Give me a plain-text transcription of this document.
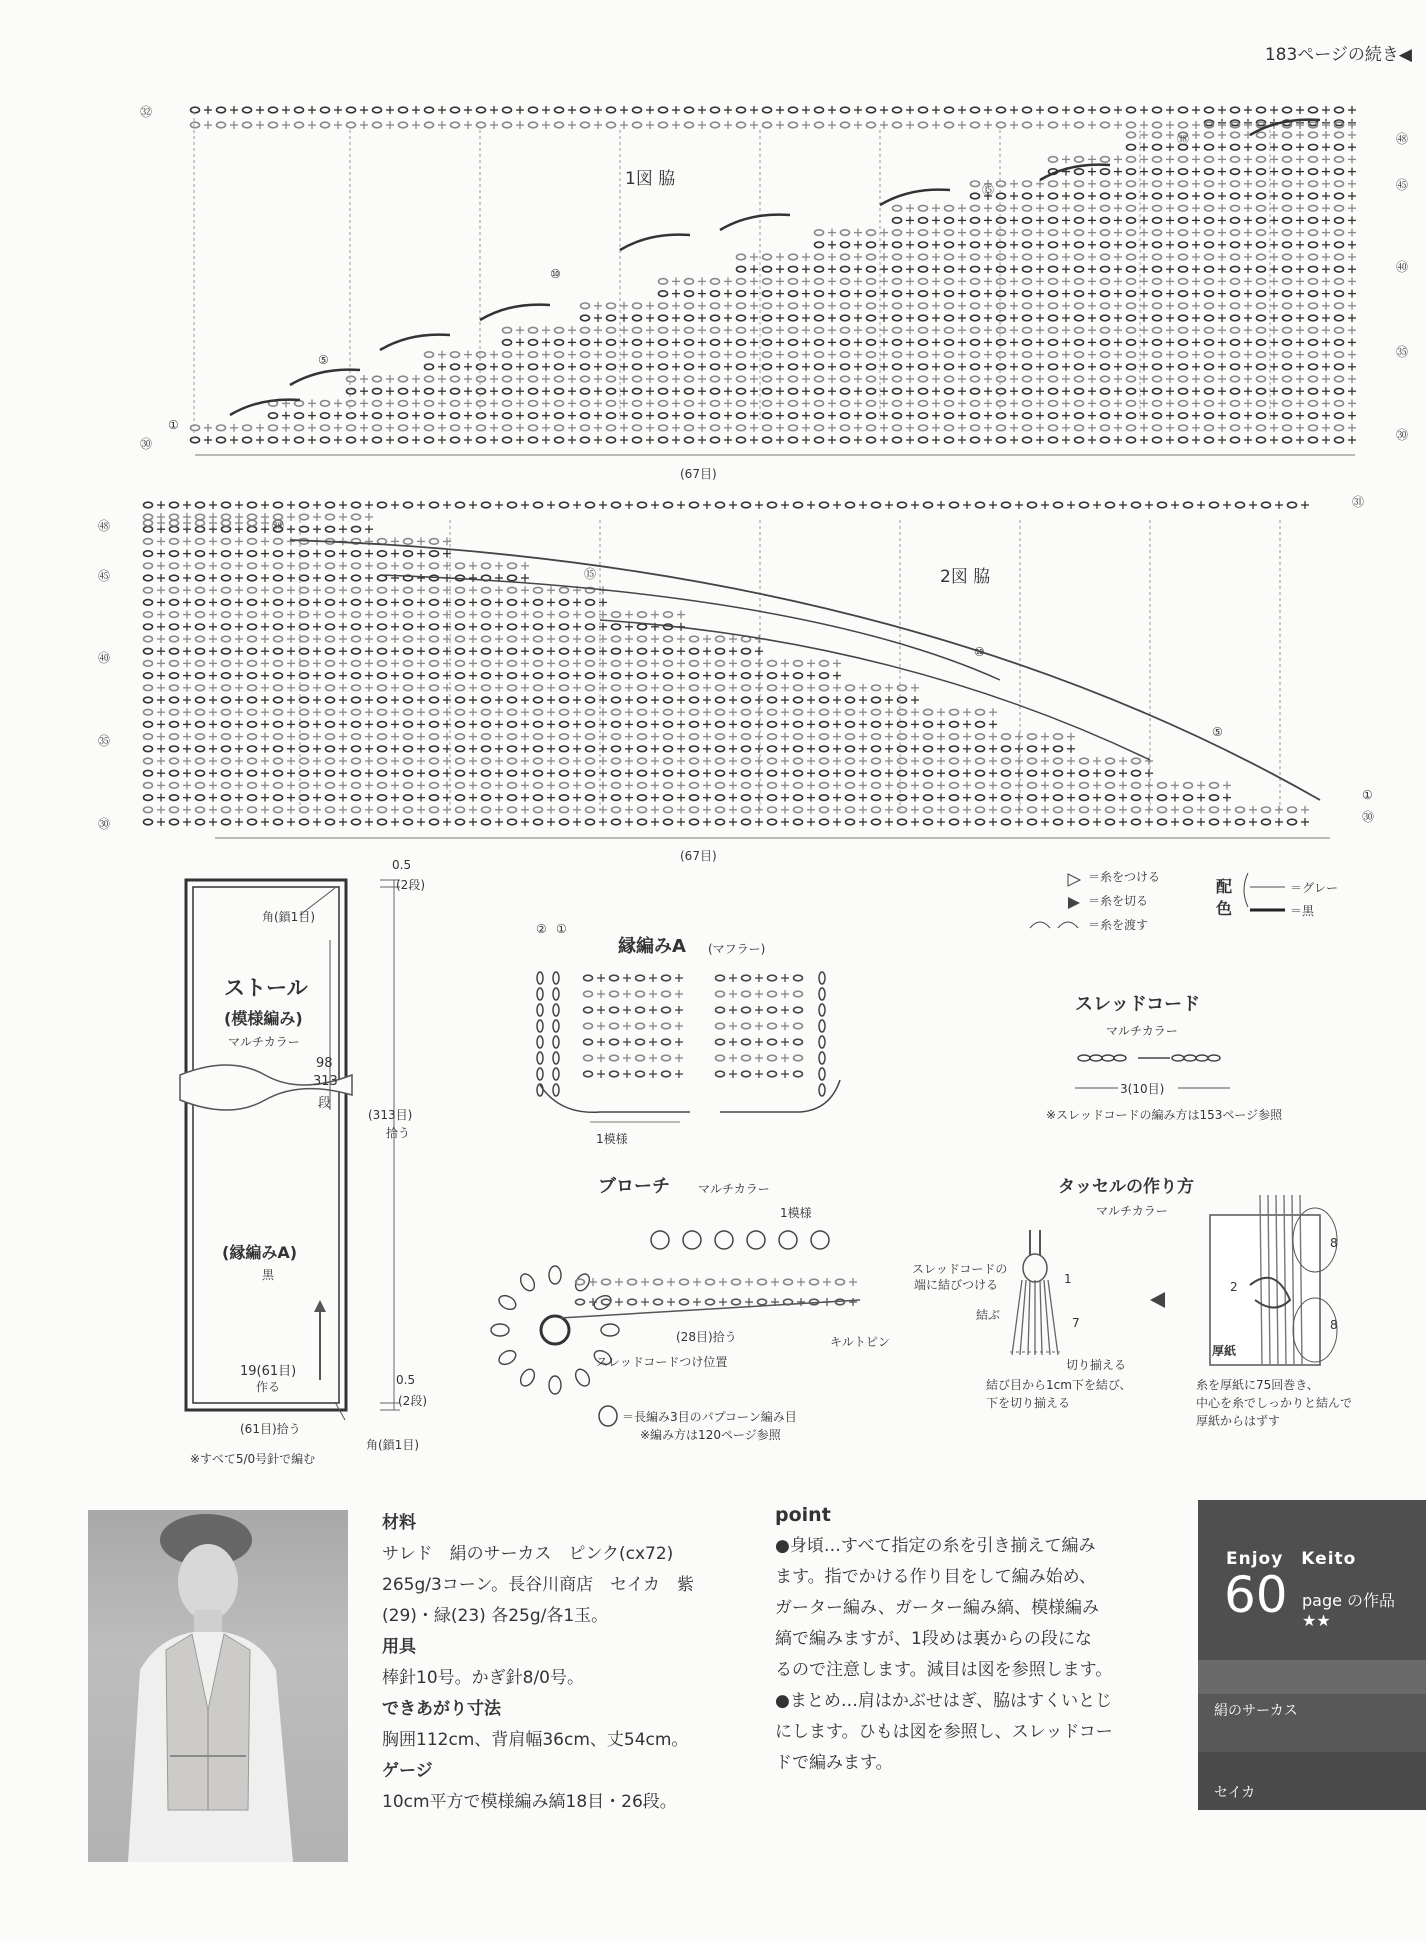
183ページの続き◀
1図 脇
(67目)
㉜
㉚
①
⑤
⑩
⑮
⑱	㊽
㊺
㊵
㉟
㉚
2図 脇
(67目)
㊽
㊺
㊵
㉟
㉚
㉛
⑱
⑮
⑩
⑤
①
㉚
ストール
(模様編み)
マルチカラー
角(鎖1目)
98
313
段
(313目)
拾う
(縁編みA)
黒
19(61目)
作る
(61目)拾う
角(鎖1目)
※すべて5/0号針で編む
0.5
(2段)
0.5
(2段)
縁編みA (マフラー)
② ①
1模様
＝糸をつける
＝糸を切る
＝糸を渡す
配色
＝グレー
＝黒
スレッドコード
マルチカラー
3(10目)
※スレッドコードの編み方は153ページ参照
ブローチ マルチカラー
1模様
(28目)拾う
スレッドコードつけ位置
キルトピン
＝長編み3目のパプコーン編み目
※編み方は120ページ参照
タッセルの作り方
マルチカラー
スレッドコードの
端に結びつける	1
結ぶ
7
切り揃える
結び目から1cm下を結び、
下を切り揃える
8
2
8
厚紙
糸を厚紙に75回巻き、
中心を糸でしっかりと結んで
厚紙からはずす
材料
サレド　絹のサーカス　ピンク(cx72)
265g/3コーン。長谷川商店　セイカ　紫
(29)・緑(23) 各25g/各1玉。
用具
棒針10号。かぎ針8/0号。
できあがり寸法
胸囲112cm、背肩幅36cm、丈54cm。
ゲージ
10cm平方で模様編み縞18目・26段。
point
●身頃…すべて指定の糸を引き揃えて編み
ます。指でかける作り目をして編み始め、
ガーター編み、ガーター編み縞、模様編み
縞で編みますが、1段めは裏からの段にな
るので注意します。減目は図を参照します。
●まとめ…肩はかぶせはぎ、脇はすくいとじ
にします。ひもは図を参照し、スレッドコー
ドで編みます。
Enjoy　Keito
60 page の作品 ★★
絹のサーカス
セイカ
